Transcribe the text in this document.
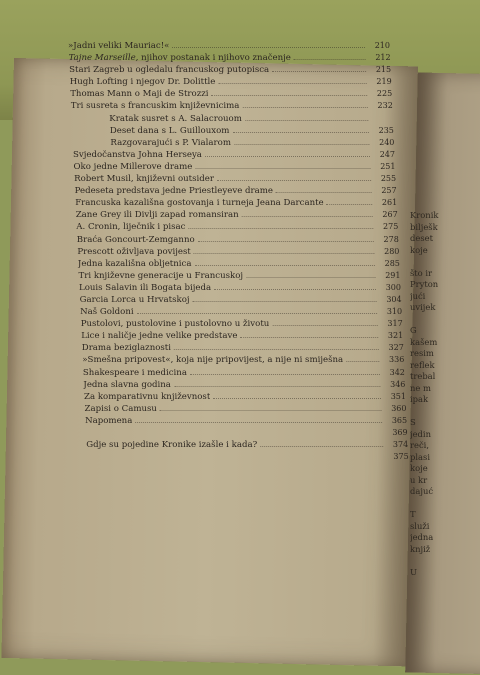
»Jadni veliki Mauriac!«	210
Tajne Marseille, njihov postanak i njihovo značenje	212
Stari Zagreb u ogledalu francuskog putopisca	215
Hugh Lofting i njegov Dr. Dolittle	219
Thomas Mann o Maji de Strozzi	225
Tri susreta s francuskim književnicima	232
Kratak susret s A. Salacrouom
Deset dana s L. Guillouxom	235
Razgovarajući s P. Vialarom	240
Svjedočanstva Johna Herseya	247
Oko jedne Millerove drame	251
Robert Musil, književni outsider	255
Pedeseta predstava jedne Priestleyeve drame	257
Francuska kazališna gostovanja i turneja Jeana Darcante	261
Zane Grey ili Divlji zapad romansiran	267
A. Cronin, liječnik i pisac	275
Braća Goncourt-Zemganno	278
Prescott oživljava povijest	280
Jedna kazališna obljetnica	285
Tri književne generacije u Francuskoj	291
Louis Salavin ili Bogata bijeda	300
Garcia Lorca u Hrvatskoj	304
Naš Goldoni	310
Pustolovi, pustolovine i pustolovno u životu	317
Lice i naličje jedne velike predstave	321
Drama beziglaznosti	327
»Smešna pripovest«, koja nije pripovijest, a nije ni smiješna	336
Shakespeare i medicina	342
Jedna slavna godina	346
Za komparativnu književnost	351
Zapisi o Camusu	360
Napomena	365
369
Gdje su pojedine Kronike izašle i kada?	374
375
Kronik
bilješk
deset
koje
što ir
Pryton
jući
uvijek
G
kašem
resim
reflek
trebal
ne m
ipak
S
jedin
reči,
plasi
koje
u kr
dajuć
T
služi
jedna
knjiž
U
